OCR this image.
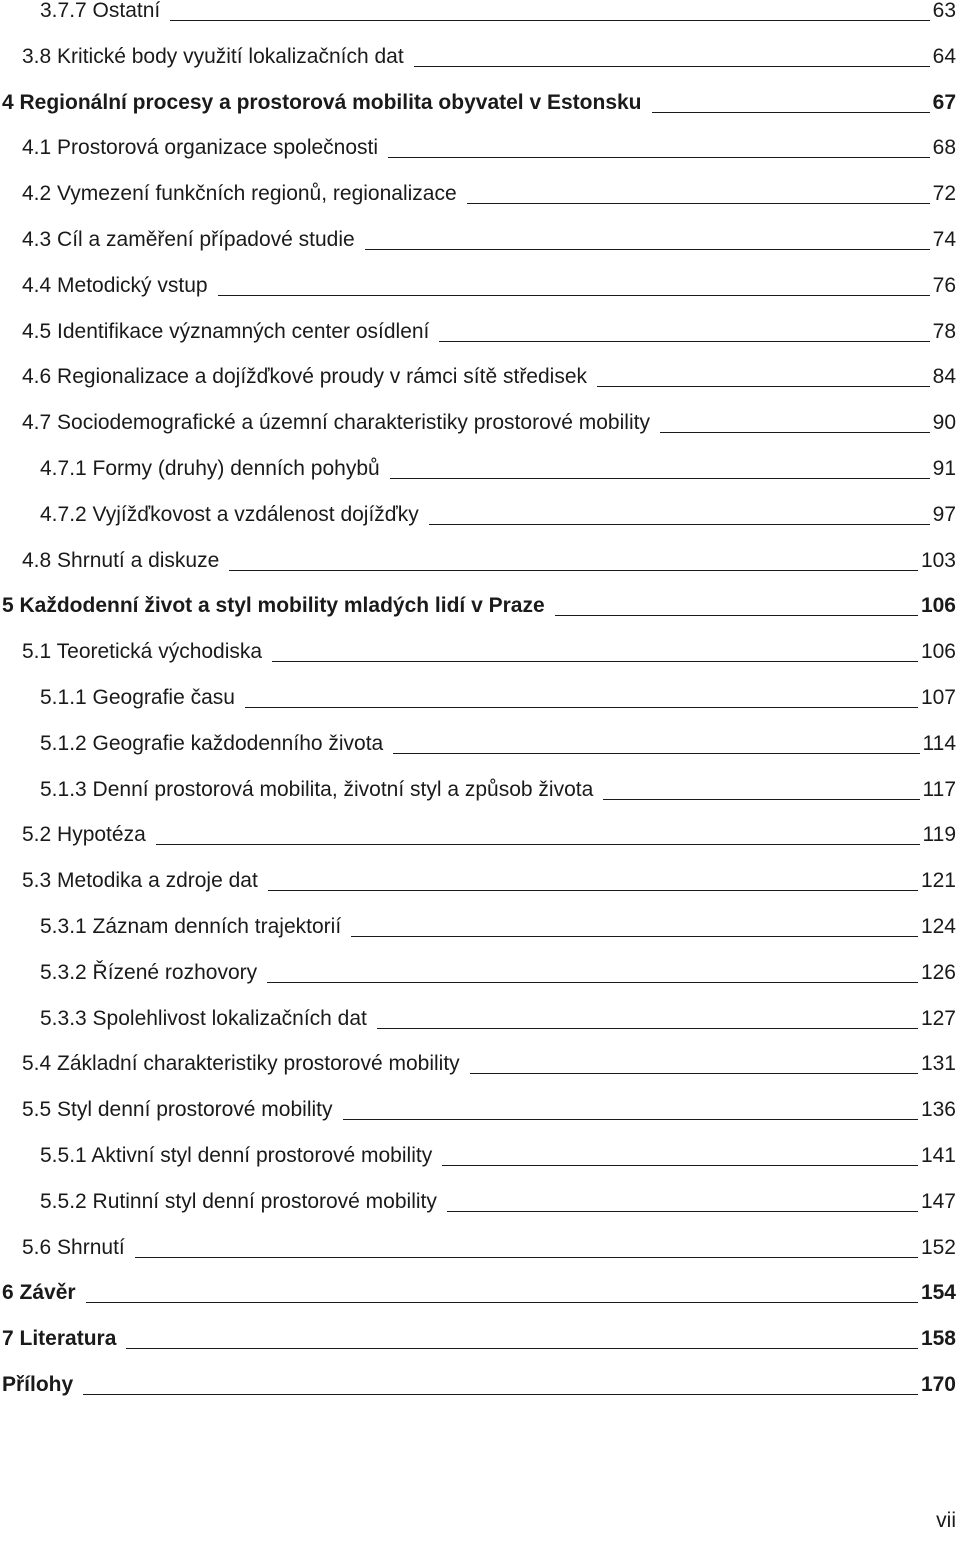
3.7.7 Ostatní	63
3.8 Kritické body využití lokalizačních dat	64
4 Regionální procesy a prostorová mobilita obyvatel v Estonsku	67
4.1 Prostorová organizace společnosti	68
4.2 Vymezení funkčních regionů, regionalizace	72
4.3 Cíl a zaměření případové studie	74
4.4 Metodický vstup	76
4.5 Identifikace významných center osídlení	78
4.6 Regionalizace a dojížďkové proudy v rámci sítě středisek	84
4.7 Sociodemografické a územní charakteristiky prostorové mobility	90
4.7.1 Formy (druhy) denních pohybů	91
4.7.2 Vyjížďkovost a vzdálenost dojížďky	97
4.8 Shrnutí a diskuze	103
5 Každodenní život a styl mobility mladých lidí v Praze	106
5.1 Teoretická východiska	106
5.1.1 Geografie času	107
5.1.2 Geografie každodenního života	114
5.1.3 Denní prostorová mobilita, životní styl a způsob života	117
5.2 Hypotéza	119
5.3 Metodika a zdroje dat	121
5.3.1 Záznam denních trajektorií	124
5.3.2 Řízené rozhovory	126
5.3.3 Spolehlivost lokalizačních dat	127
5.4 Základní charakteristiky prostorové mobility	131
5.5 Styl denní prostorové mobility	136
5.5.1 Aktivní styl denní prostorové mobility	141
5.5.2 Rutinní styl denní prostorové mobility	147
5.6 Shrnutí	152
6 Závěr	154
7 Literatura	158
Přílohy	170
vii
